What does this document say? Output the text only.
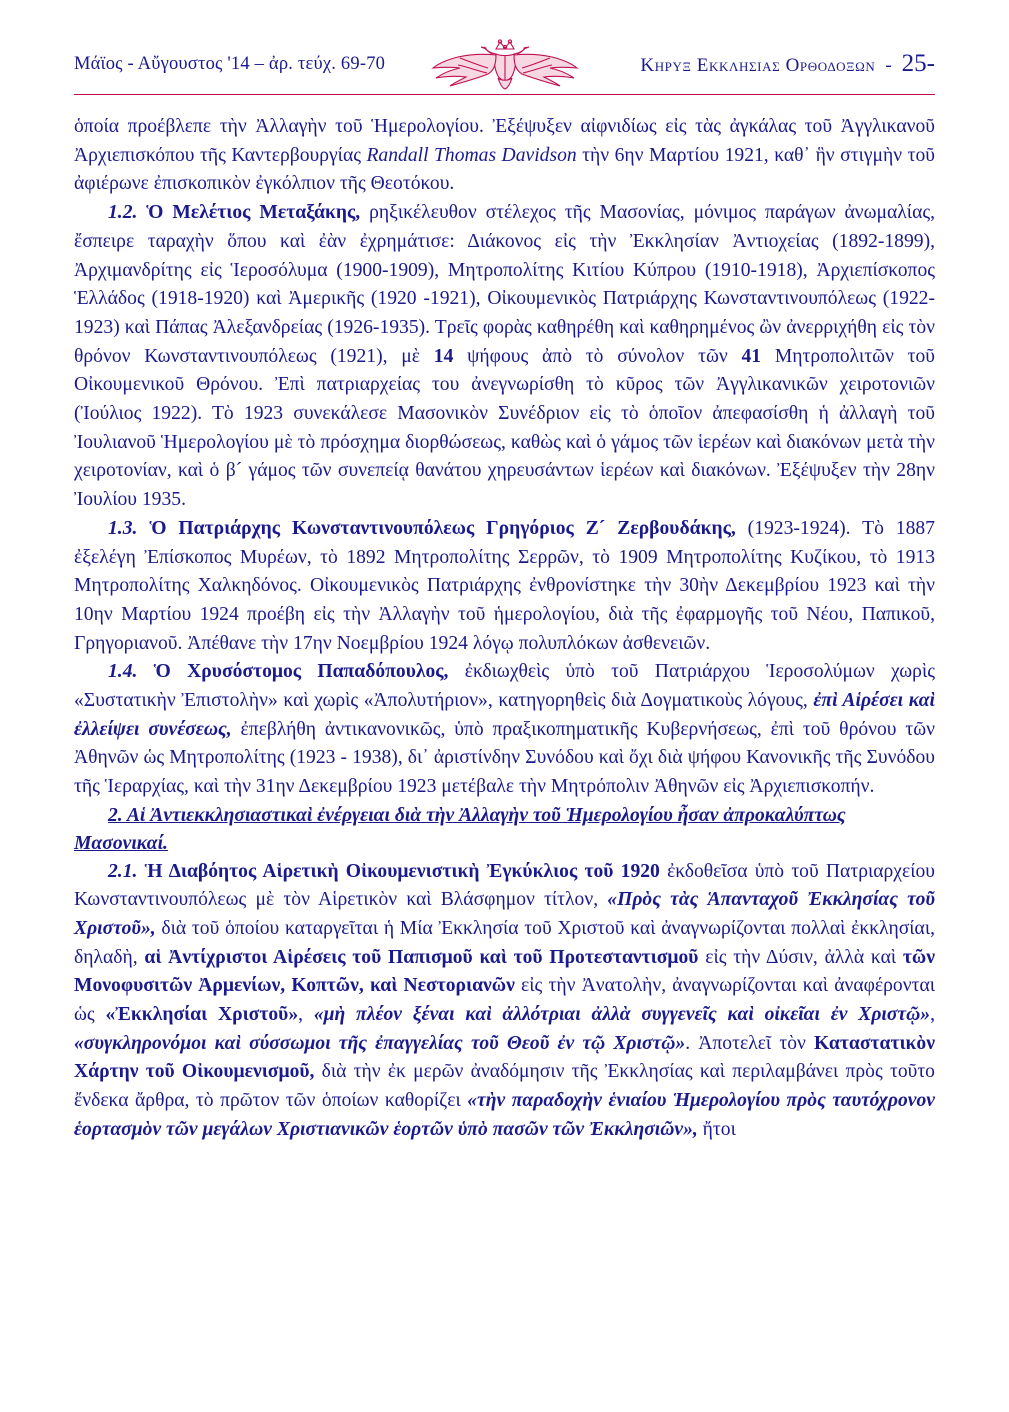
Μάϊος - Αὔγουστος '14 – ἀρ. τεύχ. 69-70	Κηρυξ Εκκλησιας Ορθοδοξων - 25-

ὁποία προέβλεπε τὴν Ἀλλαγὴν τοῦ Ἡμερολογίου. Ἐξέψυξεν αἰφνιδίως εἰς τὰς ἀγκάλας τοῦ Ἀγγλικανοῦ Ἀρχιεπισκόπου τῆς Καντερβουργίας Randall Thomas Davidson τὴν 6ην Μαρτίου 1921, καθ᾽ ἣν στιγμὴν τοῦ ἀφιέρωνε ἐπισκοπικὸν ἐγκόλπιον τῆς Θεοτόκου.

1.2. Ὁ Μελέτιος Μεταξάκης, ρηξικέλευθον στέλεχος τῆς Μασονίας, μόνιμος παράγων ἀνωμαλίας, ἔσπειρε ταραχὴν ὅπου καὶ ἐὰν ἐχρημάτισε: Διάκονος εἰς τὴν Ἐκκλησίαν Ἀντιοχείας (1892-1899), Ἀρχιμανδρίτης εἰς Ἱεροσόλυμα (1900-1909), Μητροπολίτης Κιτίου Κύπρου (1910-1918), Ἀρχιεπίσκοπος Ἑλλάδος (1918-1920) καὶ Ἀμερικῆς (1920 -1921), Οἰκουμενικὸς Πατριάρχης Κωνσταντινουπόλεως (1922-1923) καὶ Πάπας Ἀλεξανδρείας (1926-1935). Τρεῖς φορὰς καθηρέθη καὶ καθηρημένος ὢν ἀνερριχήθη εἰς τὸν θρόνον Κωνσταντινουπόλεως (1921), μὲ 14 ψήφους ἀπὸ τὸ σύνολον τῶν 41 Μητροπολιτῶν τοῦ Οἰκουμενικοῦ Θρόνου. Ἐπὶ πατριαρχείας του ἀνεγνωρίσθη τὸ κῦρος τῶν Ἀγγλικανικῶν χειροτονιῶν (Ἰούλιος 1922). Τὸ 1923 συνεκάλεσε Μασονικὸν Συνέδριον εἰς τὸ ὁποῖον ἀπεφασίσθη ἡ ἀλλαγὴ τοῦ Ἰουλιανοῦ Ἡμερολογίου μὲ τὸ πρόσχημα διορθώσεως, καθὼς καὶ ὁ γάμος τῶν ἱερέων καὶ διακόνων μετὰ τὴν χειροτονίαν, καὶ ὁ β´ γάμος τῶν συνεπείᾳ θανάτου χηρευσάντων ἱερέων καὶ διακόνων. Ἐξέψυξεν τὴν 28ην Ἰουλίου 1935.

1.3. Ὁ Πατριάρχης Κωνσταντινουπόλεως Γρηγόριος Ζ´ Ζερβουδάκης, (1923-1924). Τὸ 1887 ἐξελέγη Ἐπίσκοπος Μυρέων, τὸ 1892 Μητροπολίτης Σερρῶν, τὸ 1909 Μητροπολίτης Κυζίκου, τὸ 1913 Μητροπολίτης Χαλκηδόνος. Οἰκουμενικὸς Πατριάρχης ἐνθρονίστηκε τὴν 30ὴν Δεκεμβρίου 1923 καὶ τὴν 10ην Μαρτίου 1924 προέβη εἰς τὴν Ἀλλαγὴν τοῦ ἡμερολογίου, διὰ τῆς ἐφαρμογῆς τοῦ Νέου, Παπικοῦ, Γρηγοριανοῦ. Ἀπέθανε τὴν 17ην Νοεμβρίου 1924 λόγῳ πολυπλόκων ἀσθενειῶν.

1.4. Ὁ Χρυσόστομος Παπαδόπουλος, ἐκδιωχθεὶς ὑπὸ τοῦ Πατριάρχου Ἱεροσολύμων χωρὶς «Συστατικὴν Ἐπιστολὴν» καὶ χωρὶς «Ἀπολυτήριον», κατηγορηθεὶς διὰ Δογματικοὺς λόγους, ἐπὶ Αἱρέσει καὶ ἐλλείψει συνέσεως, ἐπεβλήθη ἀντικανονικῶς, ὑπὸ πραξικοπηματικῆς Κυβερνήσεως, ἐπὶ τοῦ θρόνου τῶν Ἀθηνῶν ὡς Μητροπολίτης (1923 - 1938), δι᾽ ἀριστίνδην Συνόδου καὶ ὄχι διὰ ψήφου Κανονικῆς τῆς Συνόδου τῆς Ἱεραρχίας, καὶ τὴν 31ην Δεκεμβρίου 1923 μετέβαλε τὴν Μητρόπολιν Ἀθηνῶν εἰς Ἀρχιεπισκοπήν.

2. Αἱ Ἀντιεκκλησιαστικαὶ ἐνέργειαι διὰ τὴν Ἀλλαγὴν τοῦ Ἡμερολογίου ἦσαν ἀπροκαλύπτως Μασονικαί.

2.1. Ἡ Διαβόητος Αἱρετικὴ Οἰκουμενιστικὴ Ἐγκύκλιος τοῦ 1920 ἐκδοθεῖσα ὑπὸ τοῦ Πατριαρχείου Κωνσταντινουπόλεως μὲ τὸν Αἱρετικὸν καὶ Βλάσφημον τίτλον, «Πρὸς τὰς Ἁπανταχοῦ Ἐκκλησίας τοῦ Χριστοῦ», διὰ τοῦ ὁποίου καταργεῖται ἡ Μία Ἐκκλησία τοῦ Χριστοῦ καὶ ἀναγνωρίζονται πολλαὶ ἐκκλησίαι, δηλαδὴ, αἱ Ἀντίχριστοι Αἱρέσεις τοῦ Παπισμοῦ καὶ τοῦ Προτεσταντισμοῦ εἰς τὴν Δύσιν, ἀλλὰ καὶ τῶν Μονοφυσιτῶν Ἀρμενίων, Κοπτῶν, καὶ Νεστοριανῶν εἰς τὴν Ἀνατολὴν, ἀναγνωρίζονται καὶ ἀναφέρονται ὡς «Ἐκκλησίαι Χριστοῦ», «μὴ πλέον ξέναι καὶ ἀλλότριαι ἀλλὰ συγγενεῖς καὶ οἰκεῖαι ἐν Χριστῷ», «συγκληρονόμοι καὶ σύσσωμοι τῆς ἐπαγγελίας τοῦ Θεοῦ ἐν τῷ Χριστῷ». Ἀποτελεῖ τὸν Καταστατικὸν Χάρτην τοῦ Οἰκουμενισμοῦ, διὰ τὴν ἐκ μερῶν ἀναδόμησιν τῆς Ἐκκλησίας καὶ περιλαμβάνει πρὸς τοῦτο ἔνδεκα ἄρθρα, τὸ πρῶτον τῶν ὁποίων καθορίζει «τὴν παραδοχὴν ἑνιαίου Ἡμερολογίου πρὸς ταυτόχρονον ἑορτασμὸν τῶν μεγάλων Χριστιανικῶν ἑορτῶν ὑπὸ πασῶν τῶν Ἐκκλησιῶν», ἤτοι
